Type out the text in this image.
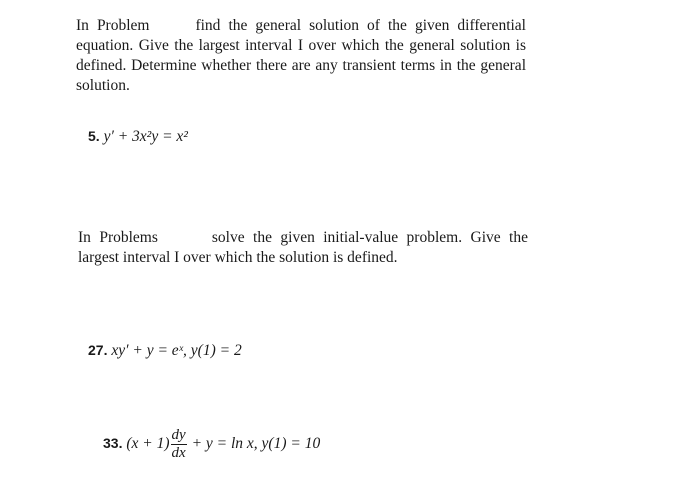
In Problem	find the general solution of the given differential equation. Give the largest interval I over which the general solution is defined. Determine whether there are any transient terms in the general solution.
5. y′ + 3x²y = x²
In Problems	solve the given initial-value problem. Give the largest interval I over which the solution is defined.
27. xy′ + y = eˣ, y(1) = 2
33. $(x + 1) \frac{dy}{dx} + y = \ln x$, y(1) = 10
